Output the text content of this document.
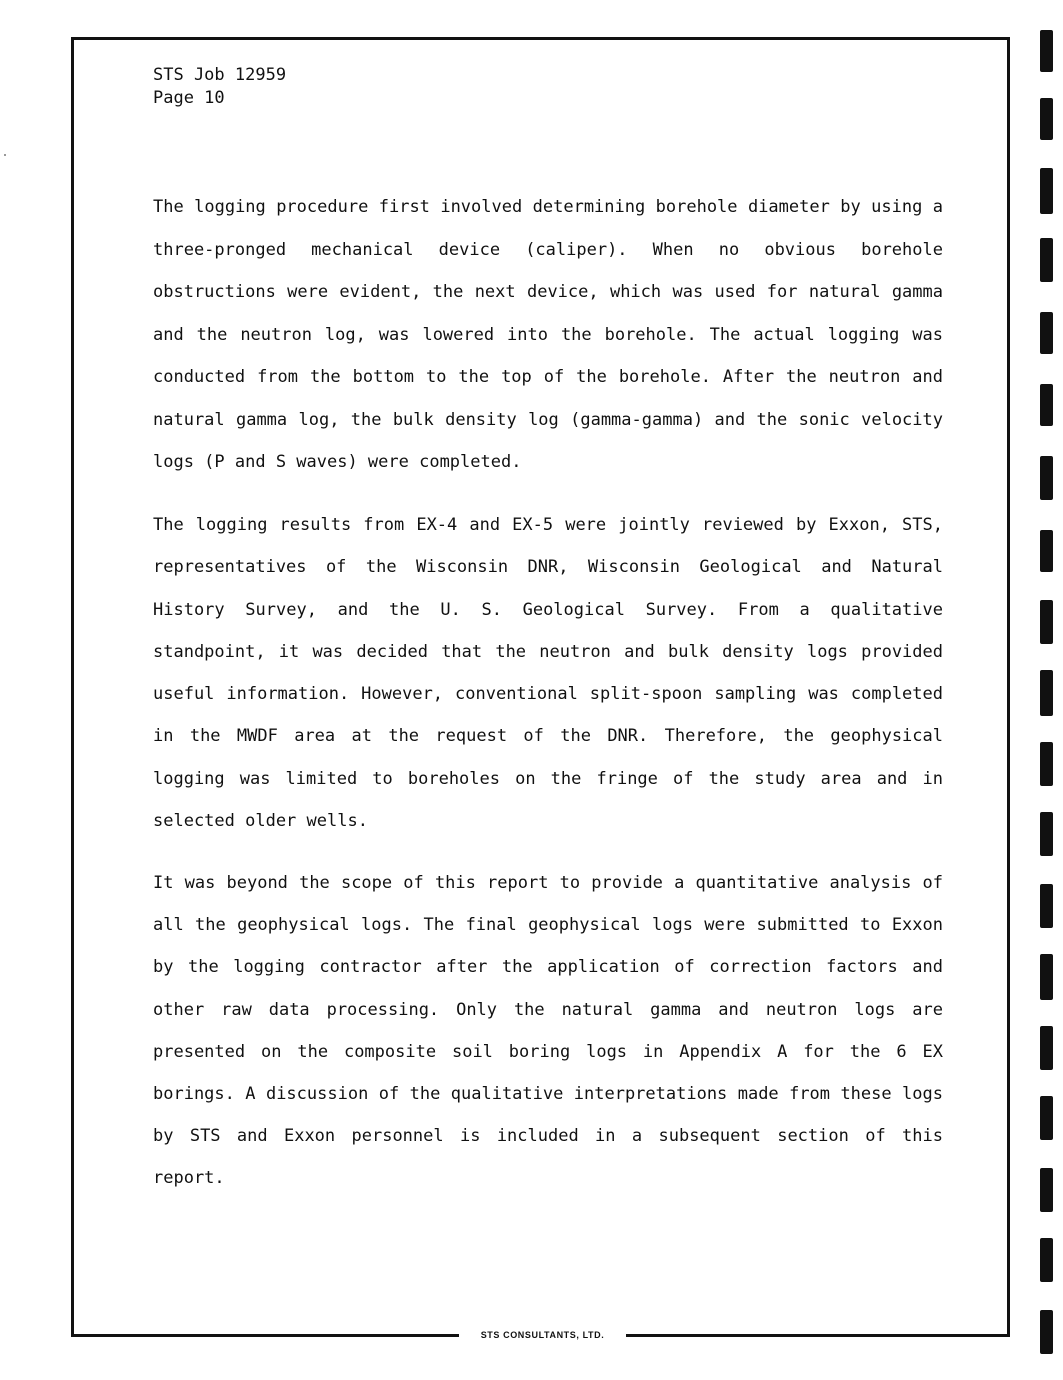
STS CONSULTANTS, LTD.
STS Job 12959
Page 10
The logging procedure first involved determining borehole diameter by using a three-pronged mechanical device (caliper). When no obvious borehole obstructions were evident, the next device, which was used for natural gamma and the neutron log, was lowered into the borehole. The actual logging was conducted from the bottom to the top of the borehole. After the neutron and natural gamma log, the bulk density log (gamma-gamma) and the sonic velocity logs (P and S waves) were completed.
The logging results from EX-4 and EX-5 were jointly reviewed by Exxon, STS, representatives of the Wisconsin DNR, Wisconsin Geological and Natural History Survey, and the U. S. Geological Survey. From a qualitative standpoint, it was decided that the neutron and bulk density logs provided useful information. However, conventional split-spoon sampling was completed in the MWDF area at the request of the DNR. Therefore, the geophysical logging was limited to boreholes on the fringe of the study area and in selected older wells.
It was beyond the scope of this report to provide a quantitative analysis of all the geophysical logs. The final geophysical logs were submitted to Exxon by the logging contractor after the application of correction factors and other raw data processing. Only the natural gamma and neutron logs are presented on the composite soil boring logs in Appendix A for the 6 EX borings. A discussion of the qualitative interpretations made from these logs by STS and Exxon personnel is included in a subsequent section of this report.
